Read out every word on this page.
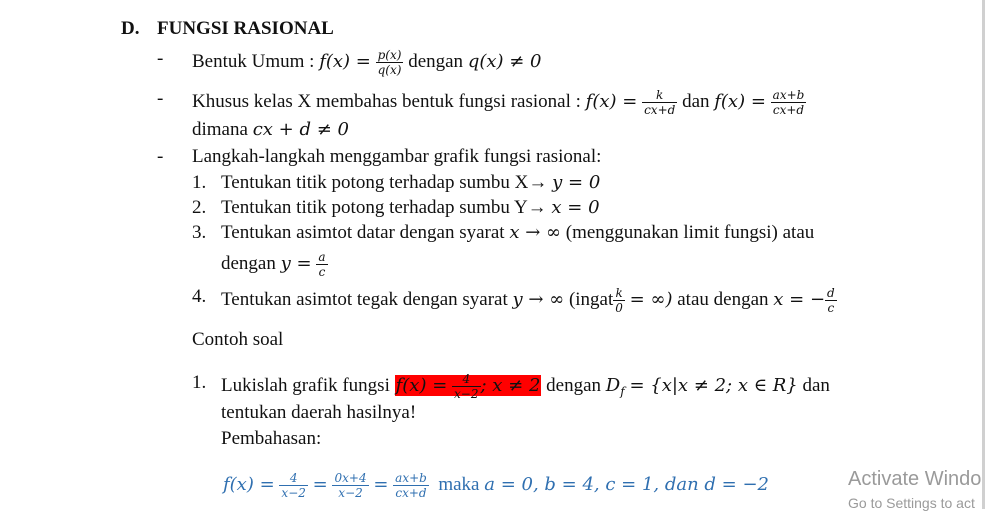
D. FUNGSI RASIONAL
- Bentuk Umum : $f(x) = \frac{p(x)}{q(x)}$ dengan q(x) ≠ 0
- Khusus kelas X membahas bentuk fungsi rasional : $f(x) = \frac{k}{cx+d}$ dan $f(x) = \frac{ax+b}{cx+d}$
dimana cx + d ≠ 0
- Langkah-langkah menggambar grafik fungsi rasional:
1. Tentukan titik potong terhadap sumbu X→ y = 0
2. Tentukan titik potong terhadap sumbu Y→ x = 0
3. Tentukan asimtot datar dengan syarat x → ∞ (menggunakan limit fungsi) atau
dengan $y = \frac{a}{c}$
4. Tentukan asimtot tegak dengan syarat y → ∞ (ingat $\frac{k}{0}$ = ∞) atau dengan x = − $\frac{d}{c}$
Contoh soal
1. Lukislah grafik fungsi $f(x) = \frac{4}{x-2}$ ; x ≠ 2 dengan $D_f = \{x|x \ne 2$; x ∈ R} dan
tentukan daerah hasilnya!
Pembahasan:
$f(x) = \frac{4}{x-2} = \frac{0x+4}{x-2} = \frac{ax+b}{cx+d}$ maka a = 0, b = 4, c = 1, dan d = −2	Activate Windo
Go to Settings to act
